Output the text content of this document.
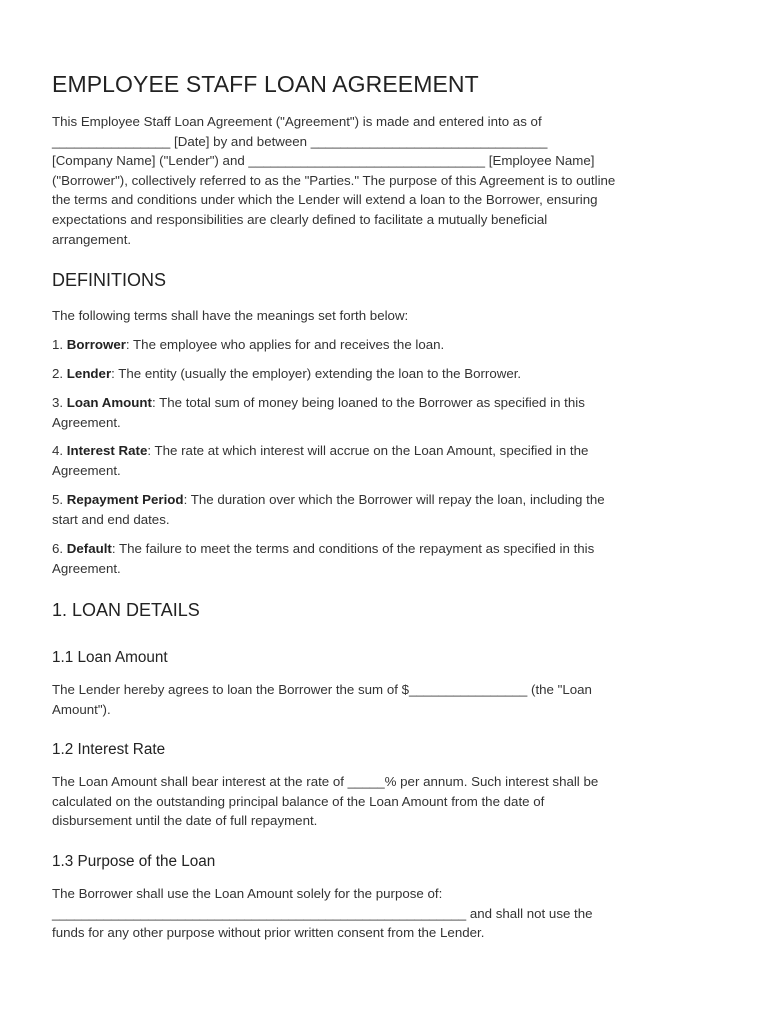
EMPLOYEE STAFF LOAN AGREEMENT

This Employee Staff Loan Agreement ("Agreement") is made and entered into as of
________________ [Date] by and between ________________________________
[Company Name] ("Lender") and ________________________________ [Employee Name]
("Borrower"), collectively referred to as the "Parties." The purpose of this Agreement is to outline
the terms and conditions under which the Lender will extend a loan to the Borrower, ensuring
expectations and responsibilities are clearly defined to facilitate a mutually beneficial
arrangement.

DEFINITIONS

The following terms shall have the meanings set forth below:

1. Borrower: The employee who applies for and receives the loan.

2. Lender: The entity (usually the employer) extending the loan to the Borrower.

3. Loan Amount: The total sum of money being loaned to the Borrower as specified in this
Agreement.

4. Interest Rate: The rate at which interest will accrue on the Loan Amount, specified in the
Agreement.

5. Repayment Period: The duration over which the Borrower will repay the loan, including the
start and end dates.

6. Default: The failure to meet the terms and conditions of the repayment as specified in this
Agreement.

1. LOAN DETAILS
1.1 Loan Amount

The Lender hereby agrees to loan the Borrower the sum of $________________ (the "Loan
Amount").

1.2 Interest Rate

The Loan Amount shall bear interest at the rate of _____% per annum. Such interest shall be
calculated on the outstanding principal balance of the Loan Amount from the date of
disbursement until the date of full repayment.

1.3 Purpose of the Loan

The Borrower shall use the Loan Amount solely for the purpose of:
________________________________________________________ and shall not use the
funds for any other purpose without prior written consent from the Lender.
